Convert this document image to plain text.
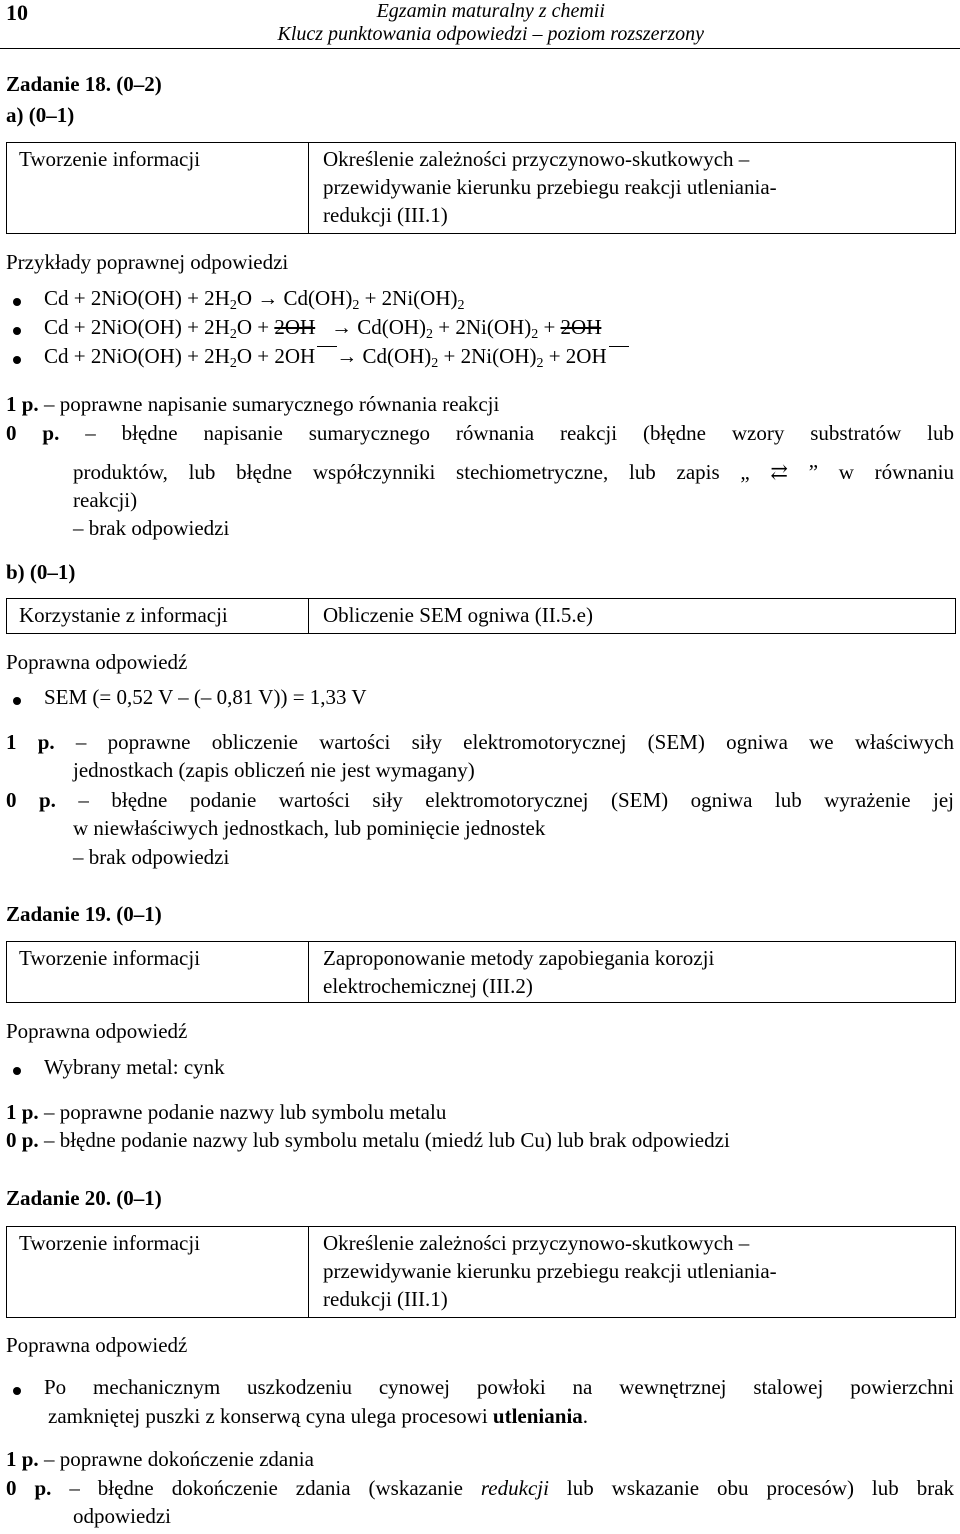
10	Egzamin maturalny z chemii
Klucz punktowania odpowiedzi – poziom rozszerzony
Zadanie 18. (0–2)
a) (0–1)
Tworzenie informacji	Określenie zależności przyczynowo-skutkowych –
przewidywanie kierunku przebiegu reakcji utleniania-
redukcji (III.1)
Przykłady poprawnej odpowiedzi
$Cd + 2NiO(OH) + 2H_2O \to Cd(OH)_2 + 2Ni(OH)_2$
$Cd + 2NiO(OH) + 2H_2O + 2OH \to Cd(OH)_2 + 2Ni(OH)_2 + 2OH$
$Cd + 2NiO(OH) + 2H_2O + 2OH \to Cd(OH)_2 + 2Ni(OH)_2 + 2OH$
1 p. – poprawne napisanie sumarycznego równania reakcji
0 p. – błędne napisanie sumarycznego równania reakcji (błędne wzory substratów lub
produktów, lub błędne współczynniki stechiometryczne, lub zapis „ ⇄ ” w równaniu
reakcji)
– brak odpowiedzi
b) (0–1)
Korzystanie z informacji	Obliczenie SEM ogniwa (II.5.e)
Poprawna odpowiedź
SEM (= 0,52 V – (– 0,81 V)) = 1,33 V
1 p. – poprawne obliczenie wartości siły elektromotorycznej (SEM) ogniwa we właściwych
jednostkach (zapis obliczeń nie jest wymagany)
0 p. – błędne podanie wartości siły elektromotorycznej (SEM) ogniwa lub wyrażenie jej
w niewłaściwych jednostkach, lub pominięcie jednostek
– brak odpowiedzi
Zadanie 19. (0–1)
Tworzenie informacji	Zaproponowanie metody zapobiegania korozji
elektrochemicznej (III.2)
Poprawna odpowiedź
Wybrany metal: cynk
1 p. – poprawne podanie nazwy lub symbolu metalu
0 p. – błędne podanie nazwy lub symbolu metalu (miedź lub Cu) lub brak odpowiedzi
Zadanie 20. (0–1)
Tworzenie informacji	Określenie zależności przyczynowo-skutkowych –
przewidywanie kierunku przebiegu reakcji utleniania-
redukcji (III.1)
Poprawna odpowiedź
Po mechanicznym uszkodzeniu cynowej powłoki na wewnętrznej stalowej powierzchni
zamkniętej puszki z konserwą cyna ulega procesowi utleniania.
1 p. – poprawne dokończenie zdania
0 p. – błędne dokończenie zdania (wskazanie redukcji lub wskazanie obu procesów) lub brak
odpowiedzi
